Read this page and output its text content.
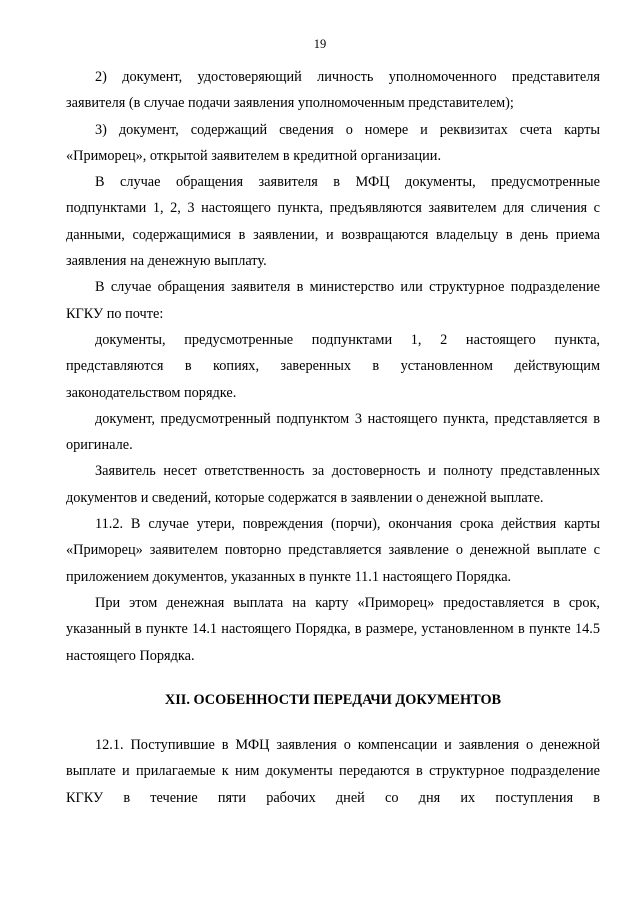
19

2) документ, удостоверяющий личность уполномоченного представителя заявителя (в случае подачи заявления уполномоченным представителем);

3) документ, содержащий сведения о номере и реквизитах счета карты «Приморец», открытой заявителем в кредитной организации.

В случае обращения заявителя в МФЦ документы, предусмотренные подпунктами 1, 2, 3 настоящего пункта, предъявляются заявителем для сличения с данными, содержащимися в заявлении, и возвращаются владельцу в день приема заявления на денежную выплату.

В случае обращения заявителя в министерство или структурное подразделение КГКУ по почте:

документы, предусмотренные подпунктами 1, 2 настоящего пункта, представляются в копиях, заверенных в установленном действующим законодательством порядке.

документ, предусмотренный подпунктом 3 настоящего пункта, представляется в оригинале.

Заявитель несет ответственность за достоверность и полноту представленных документов и сведений, которые содержатся в заявлении о денежной выплате.

11.2. В случае утери, повреждения (порчи), окончания срока действия карты «Приморец» заявителем повторно представляется заявление о денежной выплате с приложением документов, указанных в пункте 11.1 настоящего Порядка.

При этом денежная выплата на карту «Приморец» предоставляется в срок, указанный в пункте 14.1 настоящего Порядка, в размере, установленном в пункте 14.5 настоящего Порядка.

XII. ОСОБЕННОСТИ ПЕРЕДАЧИ ДОКУМЕНТОВ

12.1. Поступившие в МФЦ заявления о компенсации и заявления о денежной выплате и прилагаемые к ним документы передаются в структурное подразделение КГКУ в течение пяти рабочих дней со дня их поступления в
